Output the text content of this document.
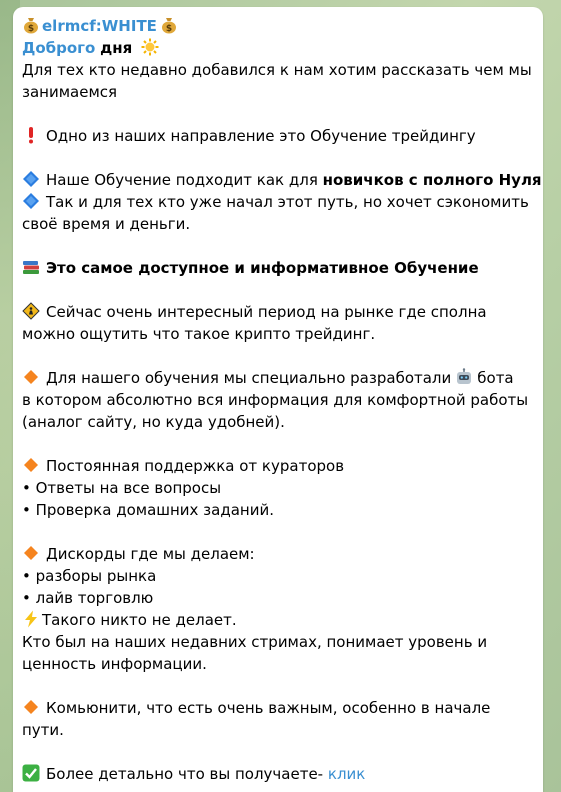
$ elrmcf:WHITE $
Доброго дня
Для тех кто недавно добавился к нам хотим рассказать чем мы
занимаемся
Одно из наших направление это Обучение трейдингу
Наше Обучение подходит как для новичков с полного Нуля
Так и для тех кто уже начал этот путь, но хочет сэкономить
своё время и деньги.
Это самое доступное и информативное Обучение
Сейчас очень интересный период на рынке где сполна
можно ощутить что такое крипто трейдинг.
Для нашего обучения мы специально разработали бота
в котором абсолютно вся информация для комфортной работы
(аналог сайту, но куда удобней).
Постоянная поддержка от кураторов
• Ответы на все вопросы
• Проверка домашних заданий.
Дискорды где мы делаем:
• разборы рынка
• лайв торговлю
Такого никто не делает.
Кто был на наших недавних стримах, понимает уровень и
ценность информации.
Комьюнити, что есть очень важным, особенно в начале
пути.
Более детально что вы получаете- клик
